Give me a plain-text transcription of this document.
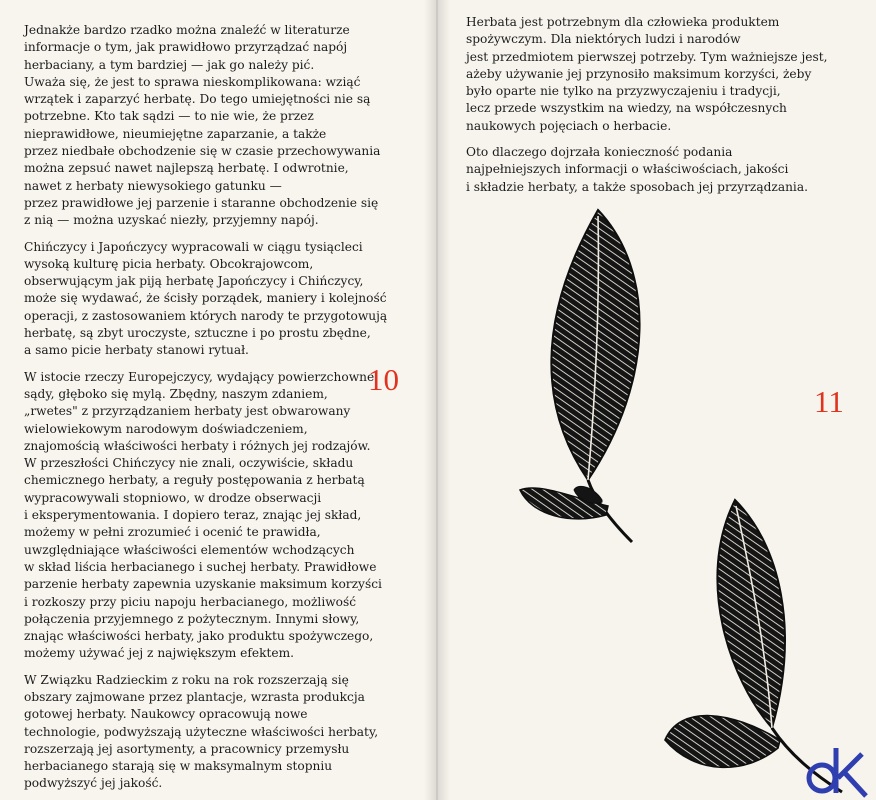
Jednakże bardzo rzadko można znaleźć w literaturze
informacje o tym, jak prawidłowo przyrządzać napój
herbaciany, a tym bardziej — jak go należy pić.
Uważa się, że jest to sprawa nieskomplikowana: wziąć
wrzątek i zaparzyć herbatę. Do tego umiejętności nie są
potrzebne. Kto tak sądzi — to nie wie, że przez
nieprawidłowe, nieumiejętne zaparzanie, a także
przez niedbałe obchodzenie się w czasie przechowywania
można zepsuć nawet najlepszą herbatę. I odwrotnie,
nawet z herbaty niewysokiego gatunku —
przez prawidłowe jej parzenie i staranne obchodzenie się
z nią — można uzyskać niezły, przyjemny napój.

Chińczycy i Japończycy wypracowali w ciągu tysiącleci
wysoką kulturę picia herbaty. Obcokrajowcom,
obserwującym jak piją herbatę Japończycy i Chińczycy,
może się wydawać, że ścisły porządek, maniery i kolejność
operacji, z zastosowaniem których narody te przygotowują
herbatę, są zbyt uroczyste, sztuczne i po prostu zbędne,
a samo picie herbaty stanowi rytuał.

W istocie rzeczy Europejczycy, wydający powierzchowne
sądy, głęboko się mylą. Zbędny, naszym zdaniem,
„rwetes" z przyrządzaniem herbaty jest obwarowany
wielowiekowym narodowym doświadczeniem,
znajomością właściwości herbaty i różnych jej rodzajów.
W przeszłości Chińczycy nie znali, oczywiście, składu
chemicznego herbaty, a reguły postępowania z herbatą
wypracowywali stopniowo, w drodze obserwacji
i eksperymentowania. I dopiero teraz, znając jej skład,
możemy w pełni zrozumieć i ocenić te prawidła,
uwzględniające właściwości elementów wchodzących
w skład liścia herbacianego i suchej herbaty. Prawidłowe
parzenie herbaty zapewnia uzyskanie maksimum korzyści
i rozkoszy przy piciu napoju herbacianego, możliwość
połączenia przyjemnego z pożytecznym. Innymi słowy,
znając właściwości herbaty, jako produktu spożywczego,
możemy używać jej z największym efektem.

W Związku Radzieckim z roku na rok rozszerzają się
obszary zajmowane przez plantacje, wzrasta produkcja
gotowej herbaty. Naukowcy opracowują nowe
technologie, podwyższają użyteczne właściwości herbaty,
rozszerzają jej asortymenty, a pracownicy przemysłu
herbacianego starają się w maksymalnym stopniu
podwyższyć jej jakość.

Herbata jest potrzebnym dla człowieka produktem
spożywczym. Dla niektórych ludzi i narodów
jest przedmiotem pierwszej potrzeby. Tym ważniejsze jest,
ażeby używanie jej przynosiło maksimum korzyści, żeby
było oparte nie tylko na przyzwyczajeniu i tradycji,
lecz przede wszystkim na wiedzy, na współczesnych
naukowych pojęciach o herbacie.

Oto dlaczego dojrzała konieczność podania
najpełniejszych informacji o właściwościach, jakości
i składzie herbaty, a także sposobach jej przyrządzania.

10
11
